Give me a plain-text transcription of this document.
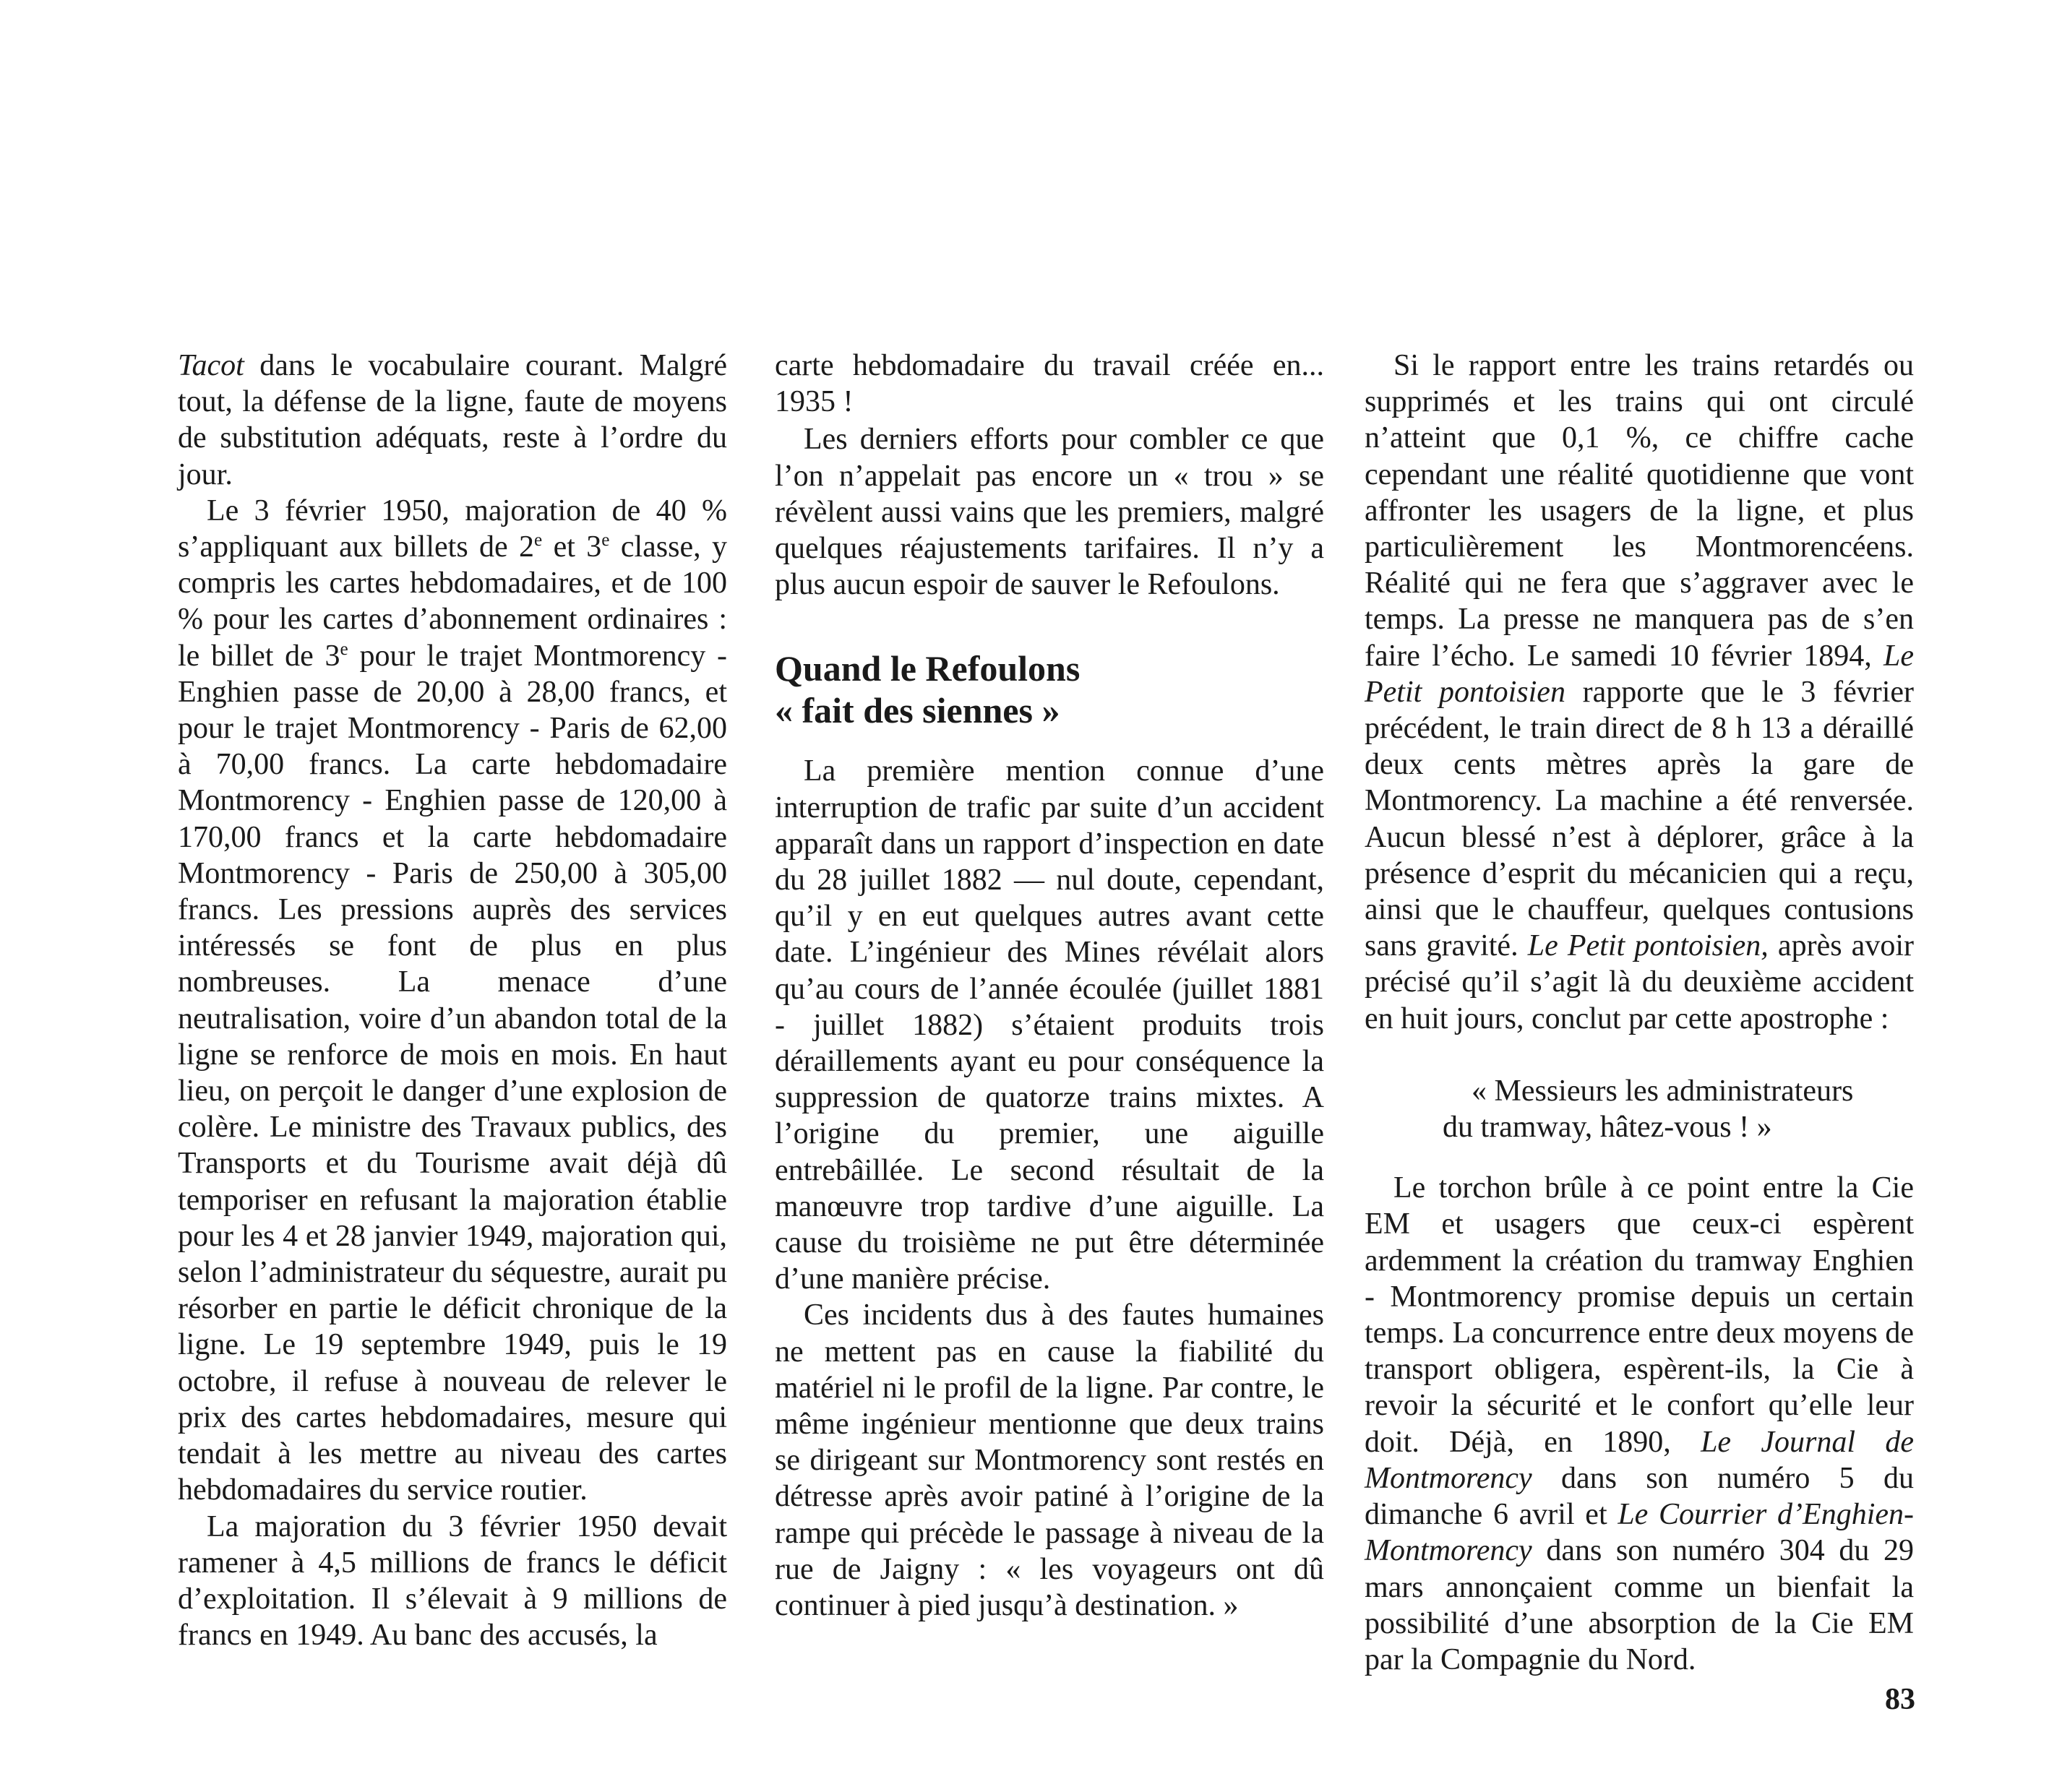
Tacot dans le vocabulaire courant. Malgré tout, la défense de la ligne, faute de moyens de substitution adéquats, reste à l’ordre du jour.

Le 3 février 1950, majoration de 40 % s’appliquant aux billets de 2e et 3e classe, y compris les cartes hebdomadaires, et de 100 % pour les cartes d’abonnement ordinaires : le billet de 3e pour le trajet Montmorency - Enghien passe de 20,00 à 28,00 francs, et pour le trajet Montmorency - Paris de 62,00 à 70,00 francs. La carte hebdomadaire Montmorency - Enghien passe de 120,00 à 170,00 francs et la carte hebdomadaire Montmorency - Paris de 250,00 à 305,00 francs. Les pressions auprès des services intéressés se font de plus en plus nombreuses. La menace d’une neutralisation, voire d’un abandon total de la ligne se renforce de mois en mois. En haut lieu, on perçoit le danger d’une explosion de colère. Le ministre des Travaux publics, des Transports et du Tourisme avait déjà dû temporiser en refusant la majoration établie pour les 4 et 28 janvier 1949, majoration qui, selon l’administrateur du séquestre, aurait pu résorber en partie le déficit chronique de la ligne. Le 19 septembre 1949, puis le 19 octobre, il refuse à nouveau de relever le prix des cartes hebdomadaires, mesure qui tendait à les mettre au niveau des cartes hebdomadaires du service routier.

La majoration du 3 février 1950 devait ramener à 4,5 millions de francs le déficit d’exploitation. Il s’élevait à 9 millions de francs en 1949. Au banc des accusés, la

carte hebdomadaire du travail créée en... 1935 !

Les derniers efforts pour combler ce que l’on n’appelait pas encore un « trou » se révèlent aussi vains que les premiers, malgré quelques réajustements tarifaires. Il n’y a plus aucun espoir de sauver le Refoulons.

Quand le Refoulons
« fait des siennes »

La première mention connue d’une interruption de trafic par suite d’un accident apparaît dans un rapport d’inspection en date du 28 juillet 1882 — nul doute, cependant, qu’il y en eut quelques autres avant cette date. L’ingénieur des Mines révélait alors qu’au cours de l’année écoulée (juillet 1881 - juillet 1882) s’étaient produits trois déraillements ayant eu pour conséquence la suppression de quatorze trains mixtes. A l’origine du premier, une aiguille entrebâillée. Le second résultait de la manœuvre trop tardive d’une aiguille. La cause du troisième ne put être déterminée d’une manière précise.

Ces incidents dus à des fautes humaines ne mettent pas en cause la fiabilité du matériel ni le profil de la ligne. Par contre, le même ingénieur mentionne que deux trains se dirigeant sur Montmorency sont restés en détresse après avoir patiné à l’origine de la rampe qui précède le passage à niveau de la rue de Jaigny : « les voyageurs ont dû continuer à pied jusqu’à destination. »

Si le rapport entre les trains retardés ou supprimés et les trains qui ont circulé n’atteint que 0,1 %, ce chiffre cache cependant une réalité quotidienne que vont affronter les usagers de la ligne, et plus particulièrement les Montmorencéens. Réalité qui ne fera que s’aggraver avec le temps. La presse ne manquera pas de s’en faire l’écho. Le samedi 10 février 1894, Le Petit pontoisien rapporte que le 3 février précédent, le train direct de 8 h 13 a déraillé deux cents mètres après la gare de Montmorency. La machine a été renversée. Aucun blessé n’est à déplorer, grâce à la présence d’esprit du mécanicien qui a reçu, ainsi que le chauffeur, quelques contusions sans gravité. Le Petit pontoisien, après avoir précisé qu’il s’agit là du deuxième accident en huit jours, conclut par cette apostrophe :

« Messieurs les administrateurs
du tramway, hâtez-vous ! »

Le torchon brûle à ce point entre la Cie EM et usagers que ceux-ci espèrent ardemment la création du tramway Enghien - Montmorency promise depuis un certain temps. La concurrence entre deux moyens de transport obligera, espèrent-ils, la Cie à revoir la sécurité et le confort qu’elle leur doit. Déjà, en 1890, Le Journal de Montmorency dans son numéro 5 du dimanche 6 avril et Le Courrier d’Enghien-Montmorency dans son numéro 304 du 29 mars annonçaient comme un bienfait la possibilité d’une absorption de la Cie EM par la Compagnie du Nord.

83
